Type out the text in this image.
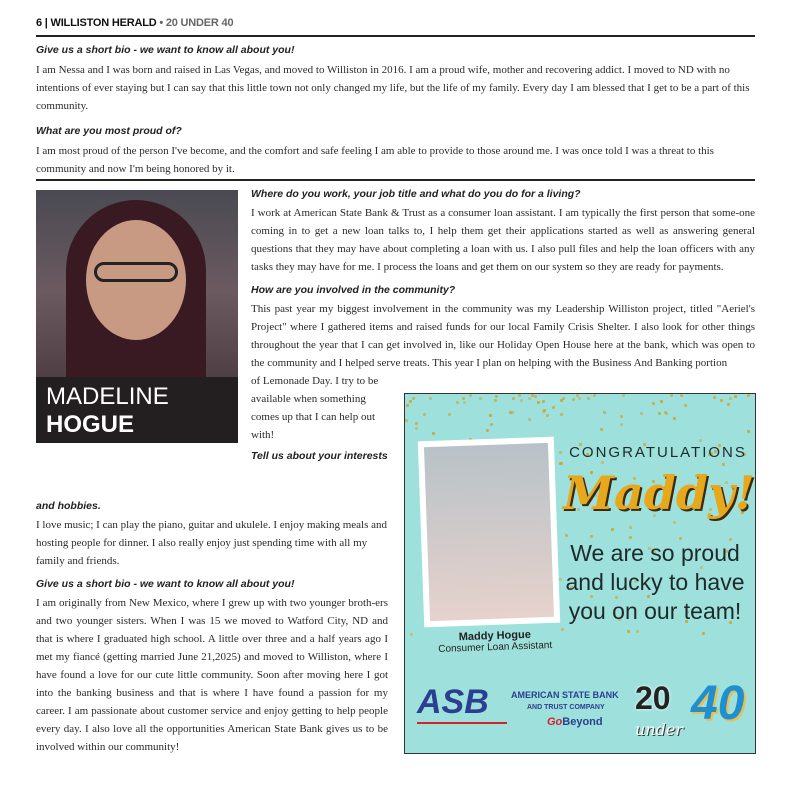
6 | WILLISTON HERALD • 20 UNDER 40
Give us a short bio - we want to know all about you!
I am Nessa and I was born and raised in Las Vegas, and moved to Williston in 2016. I am a proud wife, mother and recovering addict. I moved to ND with no intentions of ever staying but I can say that this little town not only changed my life, but the life of my family. Every day I am blessed that I get to be a part of this community.
What are you most proud of?
I am most proud of the person I've become, and the comfort and safe feeling I am able to provide to those around me. I was once told I was a threat to this community and now I'm being honored by it.
MADELINE
HOGUE
Where do you work, your job title and what do you do for a living?
I work at American State Bank & Trust as a consumer loan assistant. I am typically the first person that some-one coming in to get a new loan talks to, I help them get their applications started as well as answering general questions that they may have about completing a loan with us. I also pull files and help the loan officers with any tasks they may have for me. I process the loans and get them on our system so they are ready for payments.
How are you involved in the community?
This past year my biggest involvement in the community was my Leadership Williston project, titled "Aeriel's Project" where I gathered items and raised funds for our local Family Crisis Shelter. I also look for other things throughout the year that I can get involved in, like our Holiday Open House here at the bank, which was open to the community and I helped serve treats. This year I plan on helping with the Business And Banking portion
of Lemonade Day. I try to be available when something comes up that I can help out with!
Tell us about your interests
and hobbies.
I love music; I can play the piano, guitar and ukulele. I enjoy making meals and hosting people for dinner. I also really enjoy just spending time with all my family and friends.
Give us a short bio - we want to know all about you!
I am originally from New Mexico, where I grew up with two younger broth-ers and two younger sisters. When I was 15 we moved to Watford City, ND and that is where I graduated high school. A little over three and a half years ago I met my fiancé (getting married June 21,2025) and moved to Williston, where I have found a love for our cute little community. Soon after moving here I got into the banking business and that is where I have found a passion for my career. I am passionate about customer service and enjoy getting to help people every day. I also love all the opportunities American State Bank gives us to be involved within our community!
Maddy Hogue
Consumer Loan Assistant
CONGRATULATIONS
Maddy!
We are so proud and lucky to have you on our team!
ASB AMERICAN STATE BANK
AND TRUST COMPANY
GoBeyond
20
under 40
